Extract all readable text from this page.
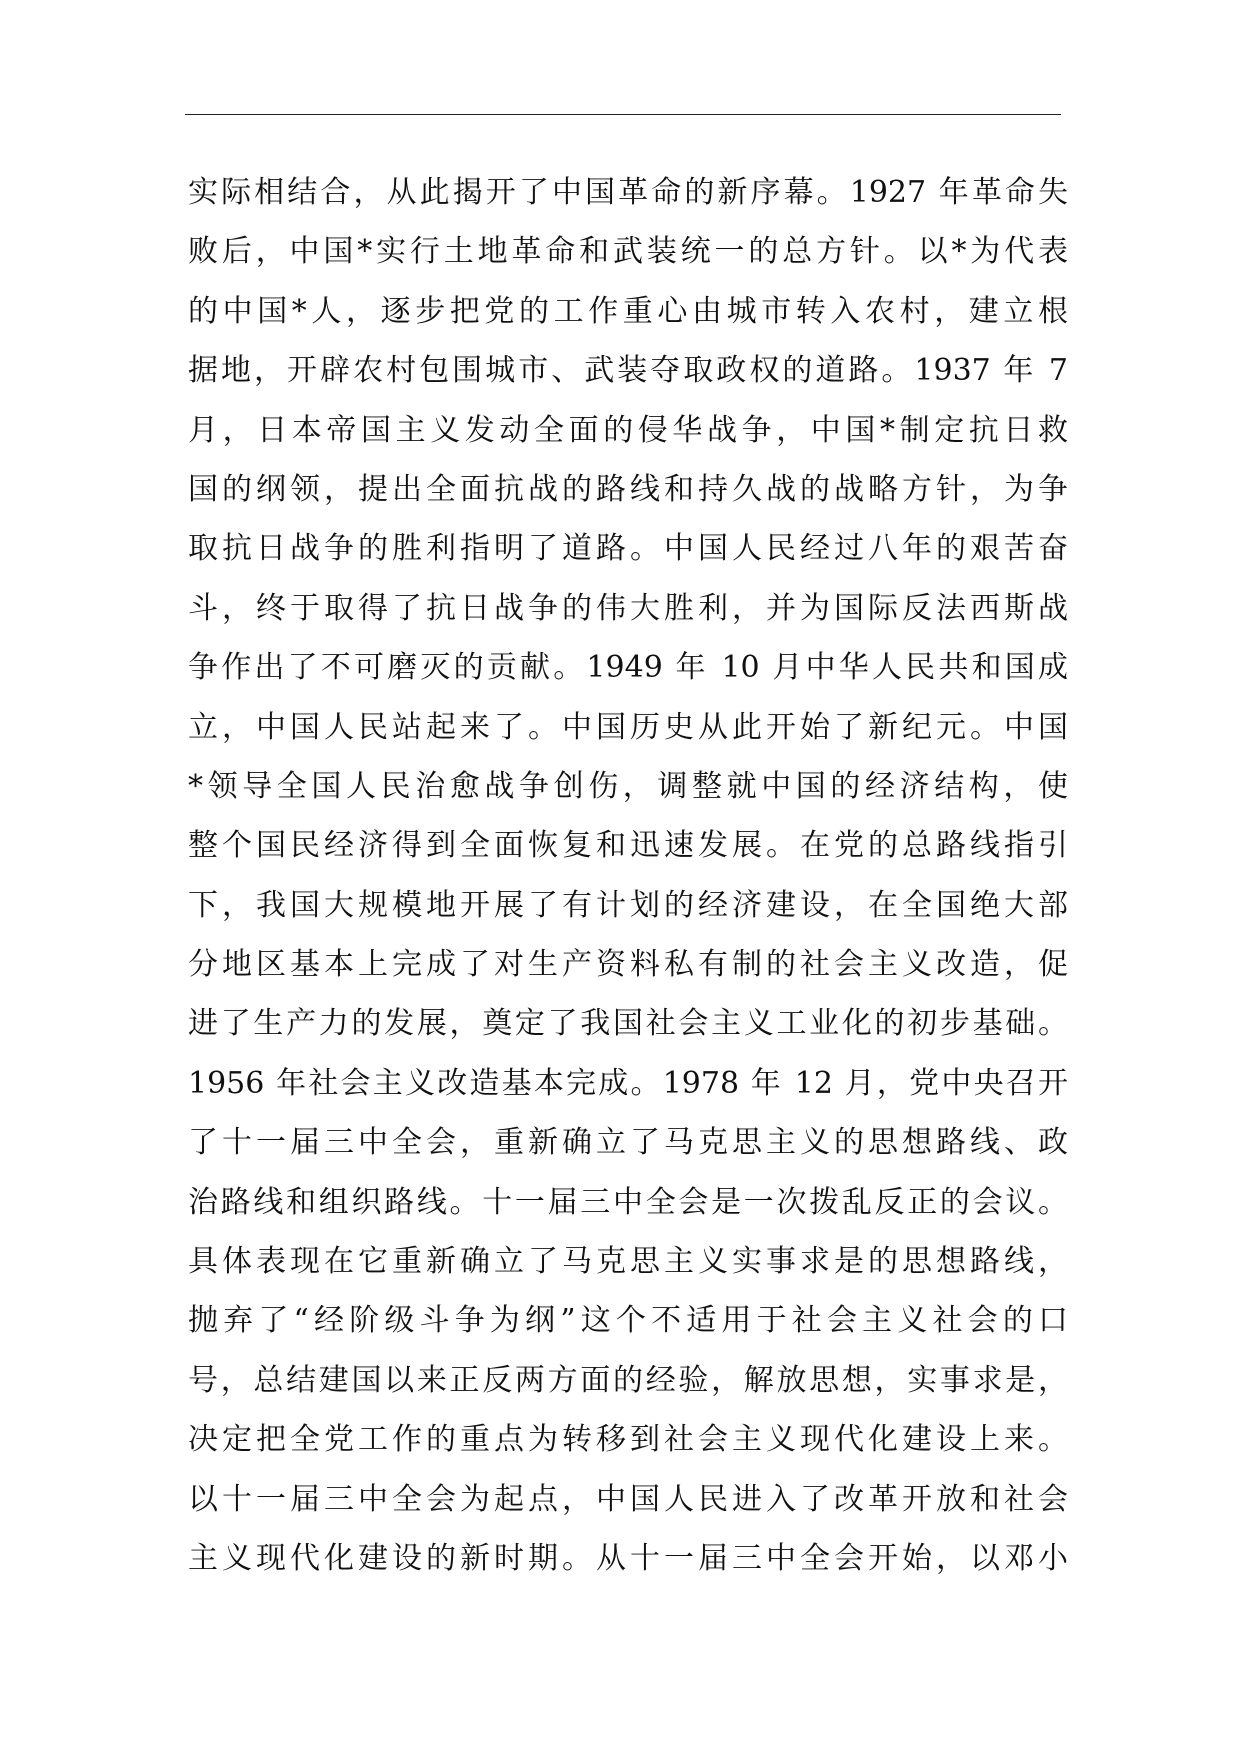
实际相结合，从此揭开了中国革命的新序幕。1927 年革命失
败后，中国*实行土地革命和武装统一的总方针。以*为代表
的中国*人，逐步把党的工作重心由城市转入农村，建立根
据地，开辟农村包围城市、武装夺取政权的道路。1937 年 7
月，日本帝国主义发动全面的侵华战争，中国*制定抗日救
国的纲领，提出全面抗战的路线和持久战的战略方针，为争
取抗日战争的胜利指明了道路。中国人民经过八年的艰苦奋
斗，终于取得了抗日战争的伟大胜利，并为国际反法西斯战
争作出了不可磨灭的贡献。1949 年 10 月中华人民共和国成
立，中国人民站起来了。中国历史从此开始了新纪元。中国
*领导全国人民治愈战争创伤，调整就中国的经济结构，使
整个国民经济得到全面恢复和迅速发展。在党的总路线指引
下，我国大规模地开展了有计划的经济建设，在全国绝大部
分地区基本上完成了对生产资料私有制的社会主义改造，促
进了生产力的发展，奠定了我国社会主义工业化的初步基础。
1956 年社会主义改造基本完成。1978 年 12 月，党中央召开
了十一届三中全会，重新确立了马克思主义的思想路线、政
治路线和组织路线。十一届三中全会是一次拨乱反正的会议。
具体表现在它重新确立了马克思主义实事求是的思想路线，
抛弃了“经阶级斗争为纲”这个不适用于社会主义社会的口
号，总结建国以来正反两方面的经验，解放思想，实事求是，
决定把全党工作的重点为转移到社会主义现代化建设上来。
以十一届三中全会为起点，中国人民进入了改革开放和社会
主义现代化建设的新时期。从十一届三中全会开始，以邓小
